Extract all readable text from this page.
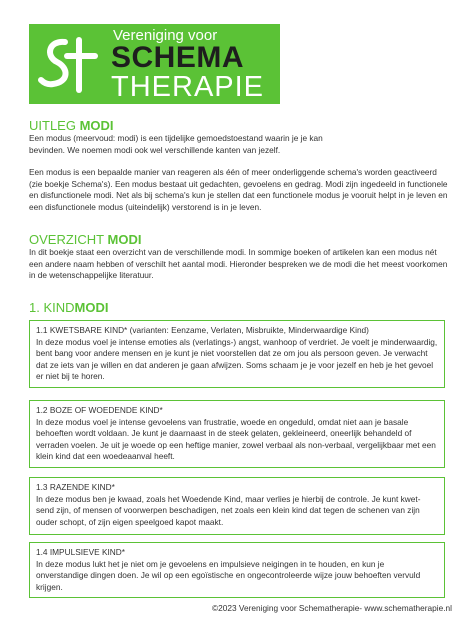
Vereniging voor
SCHEMA
THERAPIE
UITLEG MODI
Een modus (meervoud: modi) is een tijdelijke gemoedstoestand waarin je je kan bevinden. We noemen modi ook wel verschillende kanten van jezelf.
Een modus is een bepaalde manier van reageren als één of meer onderliggende schema's worden geactiveerd (zie boekje Schema's). Een modus bestaat uit gedachten, gevoelens en gedrag. Modi zijn ingedeeld in functionele en disfunctionele modi. Net als bij schema's kun je stellen dat een functionele modus je vooruit helpt in je leven en een disfunctionele modus (uiteindelijk) verstorend is in je leven.
OVERZICHT MODI
In dit boekje staat een overzicht van de verschillende modi. In sommige boeken of artikelen kan een modus nét een andere naam hebben of verschilt het aantal modi. Hieronder bespreken we de modi die het meest voorkomen in de wetenschappelijke literatuur.
1. KINDMODI
1.1 KWETSBARE KIND* (varianten: Eenzame, Verlaten, Misbruikte, Minderwaardige Kind)
In deze modus voel je intense emoties als (verlatings-) angst, wanhoop of verdriet. Je voelt je minderwaardig, bent bang voor andere mensen en je kunt je niet voorstellen dat ze om jou als persoon geven. Je verwacht dat ze iets van je willen en dat anderen je gaan afwijzen. Soms schaam je je voor jezelf en heb je het gevoel er niet bij te horen.
1.2 BOZE OF WOEDENDE KIND*
In deze modus voel je intense gevoelens van frustratie, woede en ongeduld, omdat niet aan je basale behoeften wordt voldaan. Je kunt je daarnaast in de steek gelaten, gekleineerd, oneerlijk behandeld of verraden voelen. Je uit je woede op een heftige manier, zowel verbaal als non-verbaal, vergelijkbaar met een klein kind dat een woedeaanval heeft.
1.3 RAZENDE KIND*
In deze modus ben je kwaad, zoals het Woedende Kind, maar verlies je hierbij de controle. Je kunt kwet-send zijn, of mensen of voorwerpen beschadigen, net zoals een klein kind dat tegen de schenen van zijn ouder schopt, of zijn eigen speelgoed kapot maakt.
1.4 IMPULSIEVE KIND*
In deze modus lukt het je niet om je gevoelens en impulsieve neigingen in te houden, en kun je onverstandige dingen doen. Je wil op een egoïstische en ongecontroleerde wijze jouw behoeften vervuld krijgen.
©2023 Vereniging voor Schematherapie- www.schematherapie.nl
